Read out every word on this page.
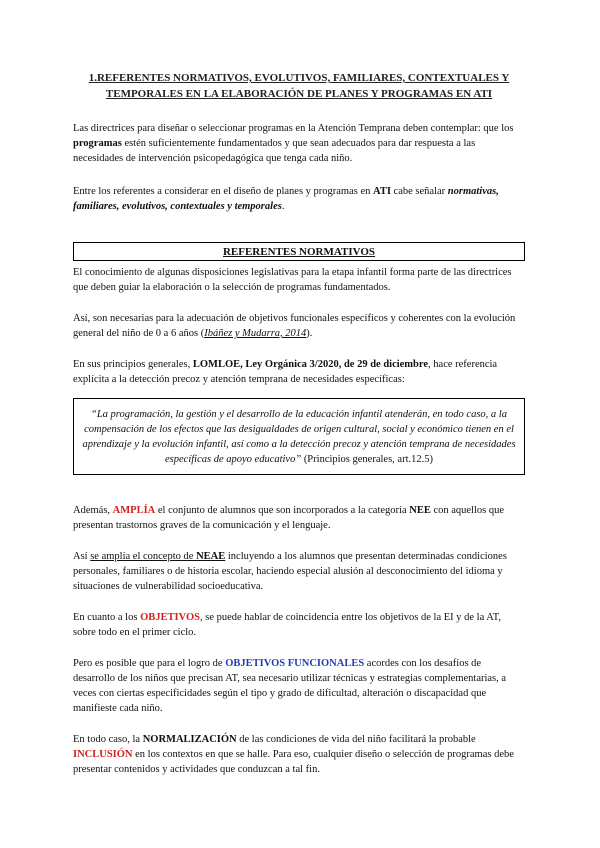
1.REFERENTES NORMATIVOS, EVOLUTIVOS, FAMILIARES, CONTEXTUALES Y
TEMPORALES EN LA ELABORACIÓN DE PLANES Y PROGRAMAS EN ATI

Las directrices para diseñar o seleccionar programas en la Atención Temprana deben contemplar: que los programas estén suficientemente fundamentados y que sean adecuados para dar respuesta a las necesidades de intervención psicopedagógica que tenga cada niño.

Entre los referentes a considerar en el diseño de planes y programas en ATI cabe señalar normativas, familiares, evolutivos, contextuales y temporales.

REFERENTES NORMATIVOS

El conocimiento de algunas disposiciones legislativas para la etapa infantil forma parte de las directrices que deben guiar la elaboración o la selección de programas fundamentados.

Así, son necesarias para la adecuación de objetivos funcionales específicos y coherentes con la evolución general del niño de 0 a 6 años (Ibáñez y Mudarra, 2014).

En sus principios generales, LOMLOE, Ley Orgánica 3/2020, de 29 de diciembre, hace referencia explícita a la detección precoz y atención temprana de necesidades específicas:

“La programación, la gestión y el desarrollo de la educación infantil atenderán, en todo caso, a la compensación de los efectos que las desigualdades de origen cultural, social y económico tienen en el aprendizaje y la evolución infantil, así como a la detección precoz y atención temprana de necesidades específicas de apoyo educativo” (Principios generales, art.12.5)

Además, AMPLÍA el conjunto de alumnos que son incorporados a la categoría NEE con aquellos que presentan trastornos graves de la comunicación y el lenguaje.

Así se amplía el concepto de NEAE incluyendo a los alumnos que presentan determinadas condiciones personales, familiares o de historia escolar, haciendo especial alusión al desconocimiento del idioma y situaciones de vulnerabilidad socioeducativa.

En cuanto a los OBJETIVOS, se puede hablar de coincidencia entre los objetivos de la EI y de la AT, sobre todo en el primer ciclo.

Pero es posible que para el logro de OBJETIVOS FUNCIONALES acordes con los desafíos de desarrollo de los niños que precisan AT, sea necesario utilizar técnicas y estrategias complementarias, a veces con ciertas especificidades según el tipo y grado de dificultad, alteración o discapacidad que manifieste cada niño.

En todo caso, la NORMALIZACIÓN de las condiciones de vida del niño facilitará la probable INCLUSIÓN en los contextos en que se halle. Para eso, cualquier diseño o selección de programas debe presentar contenidos y actividades que conduzcan a tal fin.
